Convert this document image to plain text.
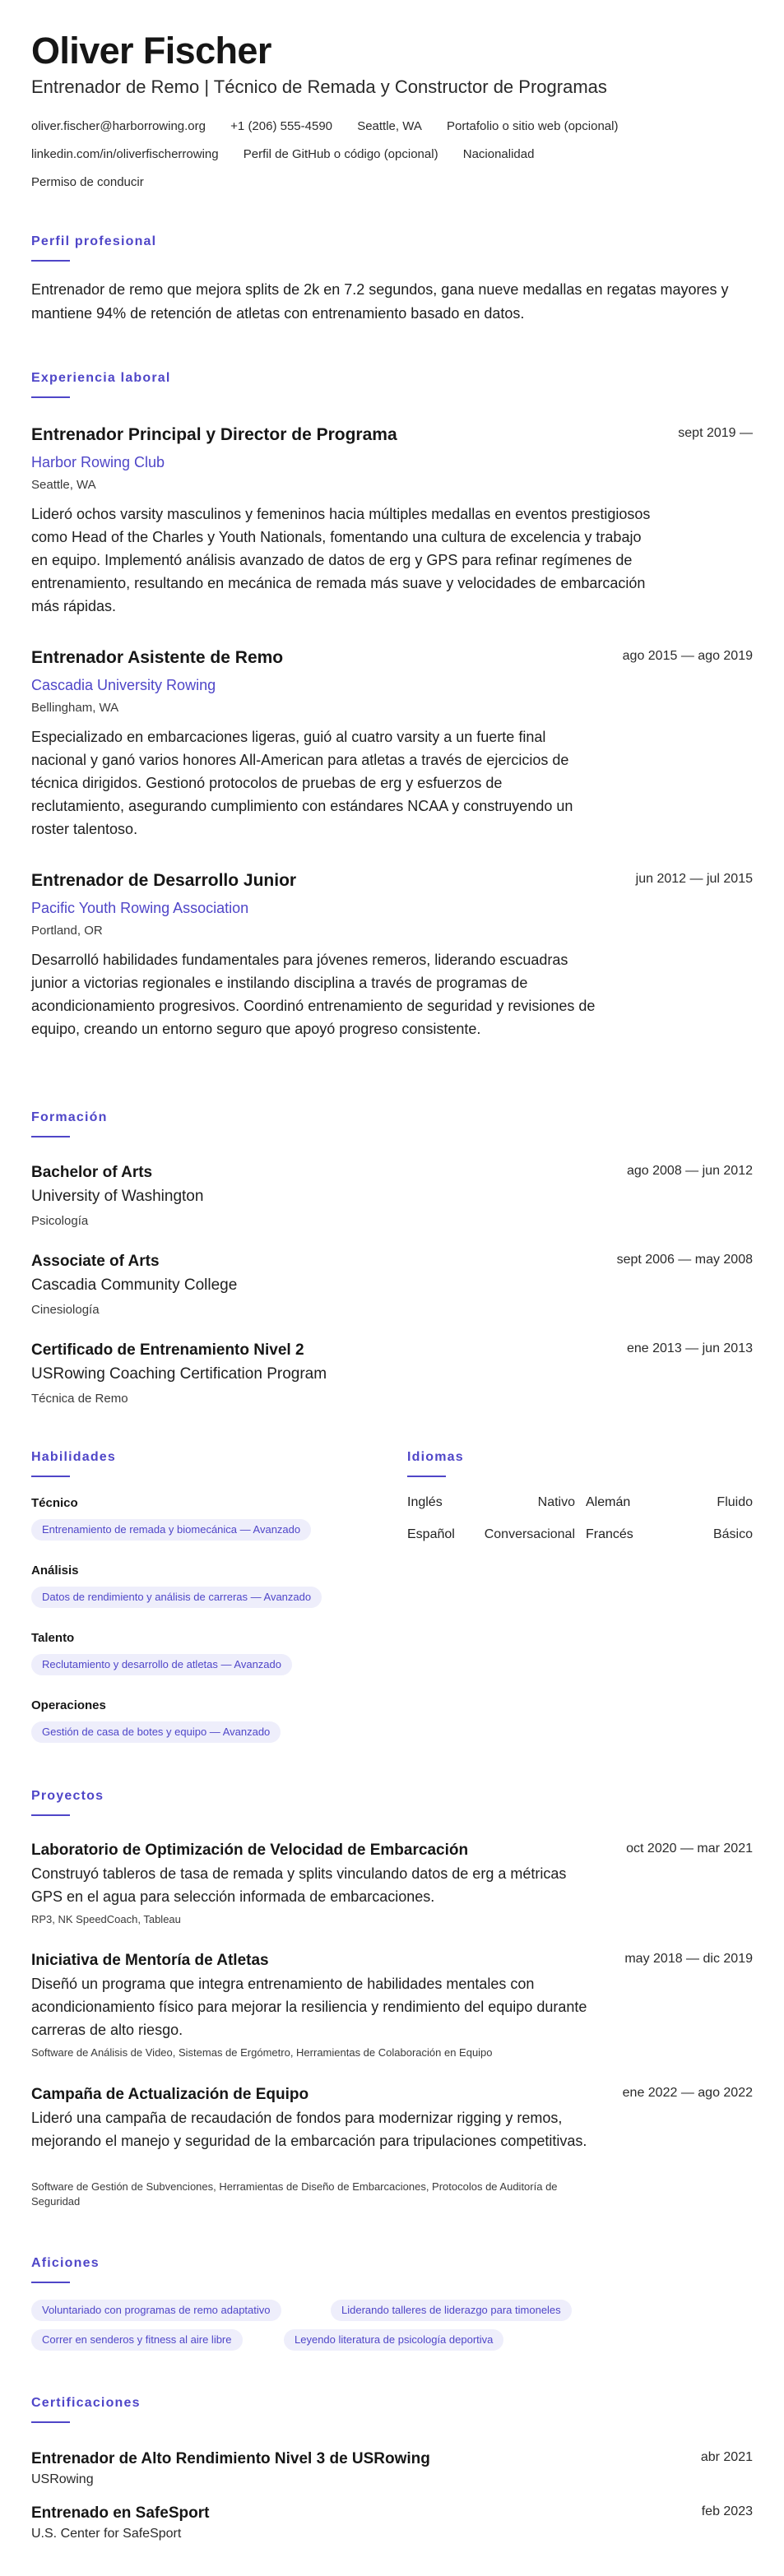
Oliver Fischer
Entrenador de Remo | Técnico de Remada y Constructor de Programas
oliver.fischer@harborrowing.org +1 (206) 555-4590 Seattle, WA Portafolio o sitio web (opcional)
linkedin.com/in/oliverfischerrowing Perfil de GitHub o código (opcional) Nacionalidad
Permiso de conducir
Perfil profesional
Entrenador de remo que mejora splits de 2k en 7.2 segundos, gana nueve medallas en regatas mayores y mantiene 94% de retención de atletas con entrenamiento basado en datos.
Experiencia laboral
Entrenador Principal y Director de Programa	sept 2019 —
Harbor Rowing Club
Seattle, WA
Lideró ochos varsity masculinos y femeninos hacia múltiples medallas en eventos prestigiosos como Head of the Charles y Youth Nationals, fomentando una cultura de excelencia y trabajo en equipo. Implementó análisis avanzado de datos de erg y GPS para refinar regímenes de entrenamiento, resultando en mecánica de remada más suave y velocidades de embarcación más rápidas.
Entrenador Asistente de Remo	ago 2015 — ago 2019
Cascadia University Rowing
Bellingham, WA
Especializado en embarcaciones ligeras, guió al cuatro varsity a un fuerte final nacional y ganó varios honores All-American para atletas a través de ejercicios de técnica dirigidos. Gestionó protocolos de pruebas de erg y esfuerzos de reclutamiento, asegurando cumplimiento con estándares NCAA y construyendo un roster talentoso.
Entrenador de Desarrollo Junior	jun 2012 — jul 2015
Pacific Youth Rowing Association
Portland, OR
Desarrolló habilidades fundamentales para jóvenes remeros, liderando escuadras junior a victorias regionales e instilando disciplina a través de programas de acondicionamiento progresivos. Coordinó entrenamiento de seguridad y revisiones de equipo, creando un entorno seguro que apoyó progreso consistente.
Formación
Bachelor of Arts	ago 2008 — jun 2012
University of Washington
Psicología
Associate of Arts	sept 2006 — may 2008
Cascadia Community College
Cinesiología
Certificado de Entrenamiento Nivel 2	ene 2013 — jun 2013
USRowing Coaching Certification Program
Técnica de Remo
Habilidades
Técnico
Entrenamiento de remada y biomecánica — Avanzado
Análisis
Datos de rendimiento y análisis de carreras — Avanzado
Talento
Reclutamiento y desarrollo de atletas — Avanzado
Operaciones
Gestión de casa de botes y equipo — Avanzado
Idiomas
Inglés	Nativo Alemán	Fluido
Español Conversacional Francés	Básico
Proyectos
Laboratorio de Optimización de Velocidad de Embarcación	oct 2020 — mar 2021
Construyó tableros de tasa de remada y splits vinculando datos de erg a métricas GPS en el agua para selección informada de embarcaciones.
RP3, NK SpeedCoach, Tableau
Iniciativa de Mentoría de Atletas	may 2018 — dic 2019
Diseñó un programa que integra entrenamiento de habilidades mentales con acondicionamiento físico para mejorar la resiliencia y rendimiento del equipo durante carreras de alto riesgo.
Software de Análisis de Video, Sistemas de Ergómetro, Herramientas de Colaboración en Equipo
Campaña de Actualización de Equipo	ene 2022 — ago 2022
Lideró una campaña de recaudación de fondos para modernizar rigging y remos, mejorando el manejo y seguridad de la embarcación para tripulaciones competitivas.
Software de Gestión de Subvenciones, Herramientas de Diseño de Embarcaciones, Protocolos de Auditoría de Seguridad
Aficiones
Voluntariado con programas de remo adaptativo	Liderando talleres de liderazgo para timoneles
Correr en senderos y fitness al aire libre	Leyendo literatura de psicología deportiva
Certificaciones
Entrenador de Alto Rendimiento Nivel 3 de USRowing	abr 2021
USRowing
Entrenado en SafeSport	feb 2023
U.S. Center for SafeSport
